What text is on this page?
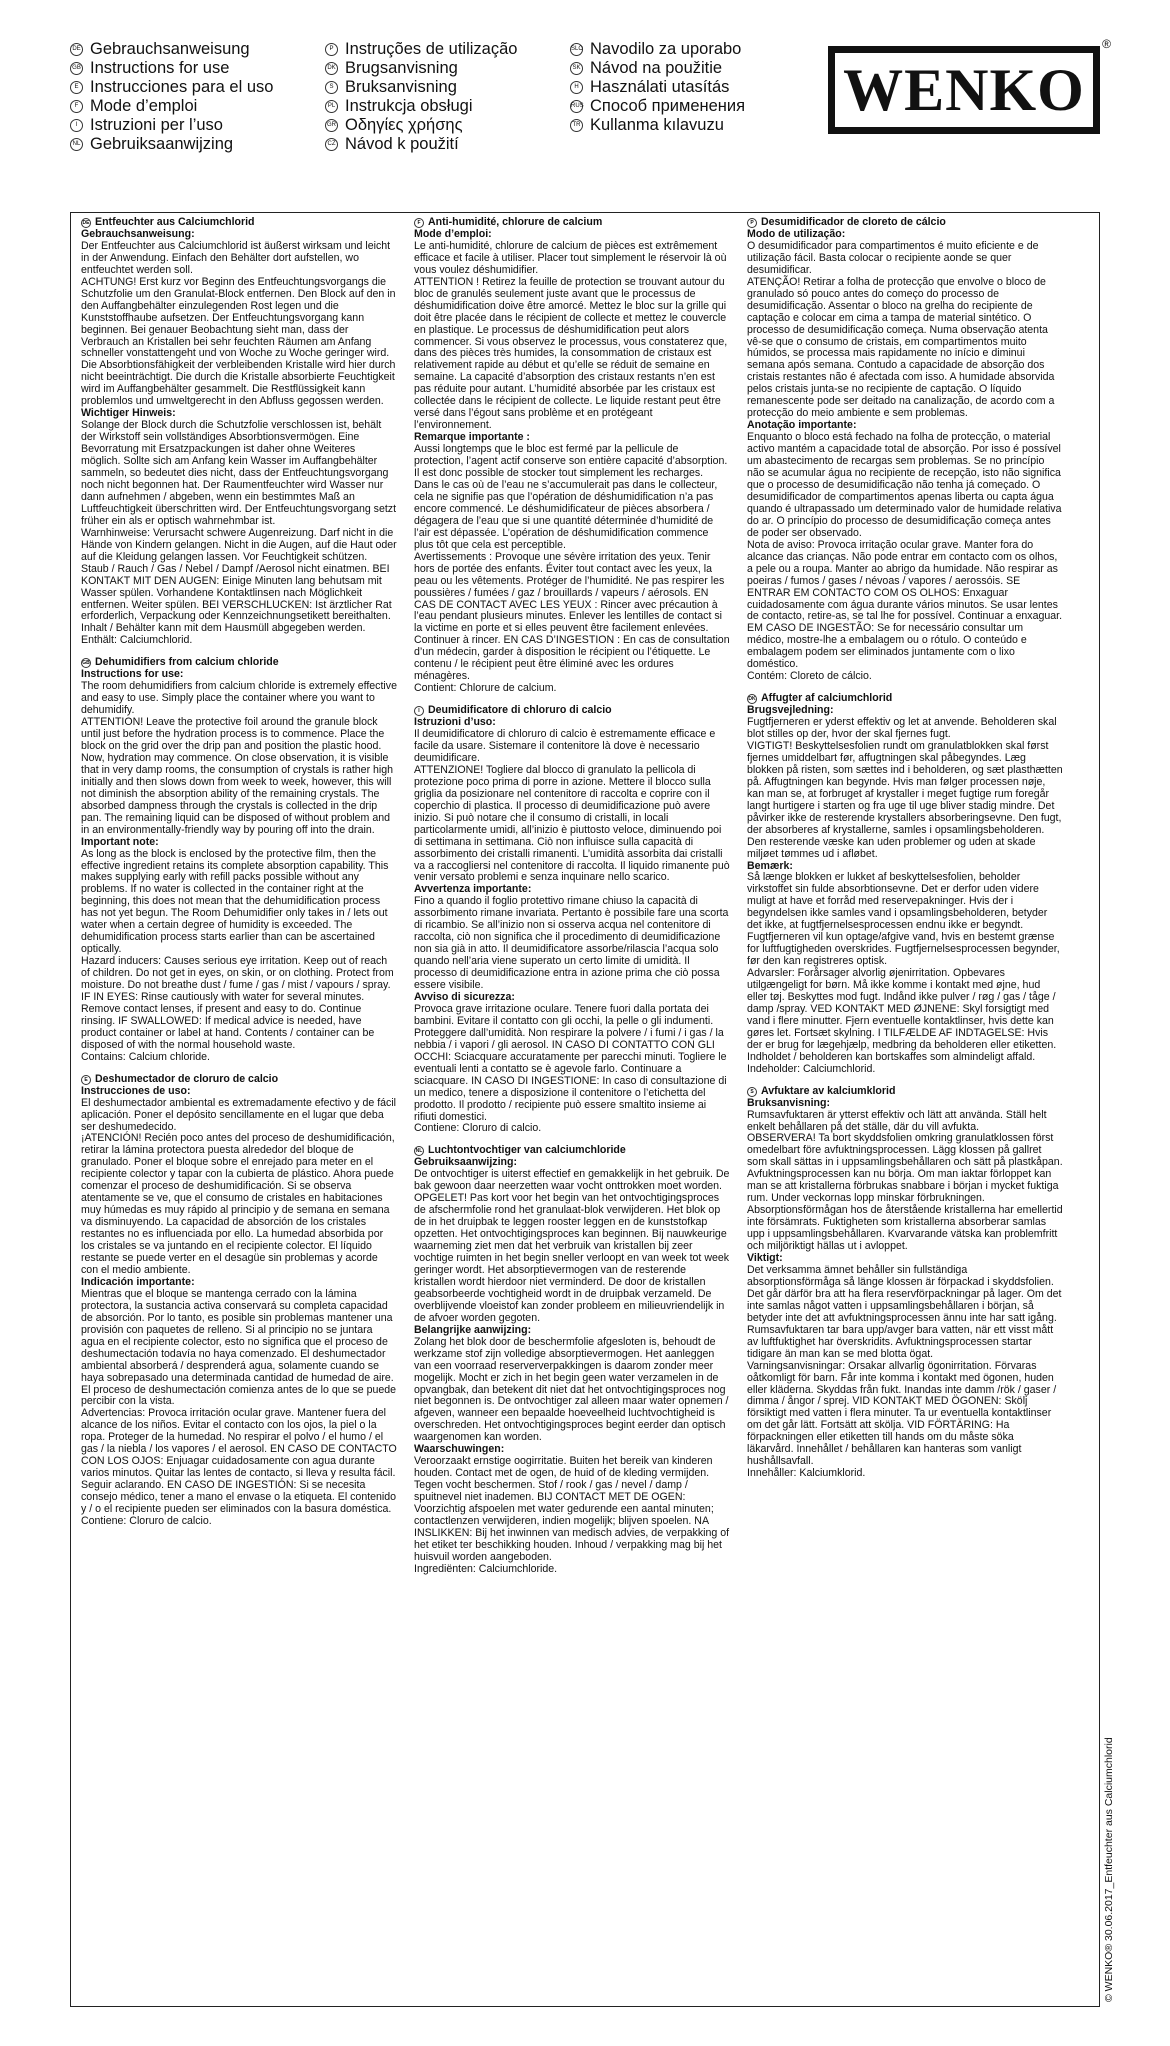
DE Gebrauchsanweisung
GB Instructions for use
E Instrucciones para el uso
F Mode d’emploi
I Istruzioni per l’uso
NL Gebruiksaanwijzing
P Instruções de utilização
DK Brugsanvisning
S Bruksanvisning
PL Instrukcja obsługi
GR Οδηγίες χρήσης
CZ Návod k použití
SLO Navodilo za uporabo
SK Návod na použitie
H Használati utasítás
RUS Способ применения
TR Kullanma kılavuzu
WENKO
®
DE Entfeuchter aus Calciumchlorid

Gebrauchsanweisung:

Der Entfeuchter aus Calciumchlorid ist äußerst wirksam und leicht in der Anwendung. Einfach den Behälter dort aufstellen, wo entfeuchtet werden soll.

ACHTUNG! Erst kurz vor Beginn des Entfeuchtungsvorgangs die Schutzfolie um den Granulat-Block entfernen. Den Block auf den in den Auffangbehälter einzulegenden Rost legen und die Kunststoffhaube aufsetzen. Der Entfeuchtungsvorgang kann beginnen. Bei genauer Beobachtung sieht man, dass der Verbrauch an Kristallen bei sehr feuchten Räumen am Anfang schneller vonstattengeht und von Woche zu Woche geringer wird. Die Absorbtionsfähigkeit der verbleibenden Kristalle wird hier durch nicht beeinträchtigt. Die durch die Kristalle absorbierte Feuchtigkeit wird im Auffangbehälter gesammelt. Die Restflüssigkeit kann problemlos und umweltgerecht in den Abfluss gegossen werden.

Wichtiger Hinweis:

Solange der Block durch die Schutzfolie verschlossen ist, behält der Wirkstoff sein vollständiges Absorbtionsvermögen. Eine Bevorratung mit Ersatzpackungen ist daher ohne Weiteres möglich. Sollte sich am Anfang kein Wasser im Auffangbehälter sammeln, so bedeutet dies nicht, dass der Entfeuchtungsvorgang noch nicht begonnen hat. Der Raumentfeuchter wird Wasser nur dann aufnehmen / abgeben, wenn ein bestimmtes Maß an Luftfeuchtigkeit überschritten wird. Der Entfeuchtungsvorgang setzt früher ein als er optisch wahrnehmbar ist.

Warnhinweise: Verursacht schwere Augenreizung. Darf nicht in die Hände von Kindern gelangen. Nicht in die Augen, auf die Haut oder auf die Kleidung gelangen lassen. Vor Feuchtigkeit schützen. Staub / Rauch / Gas / Nebel / Dampf /Aerosol nicht einatmen. BEI KONTAKT MIT DEN AUGEN: Einige Minuten lang behutsam mit Wasser spülen. Vorhandene Kontaktlinsen nach Möglichkeit entfernen. Weiter spülen. BEI VERSCHLUCKEN: Ist ärztlicher Rat erforderlich, Verpackung oder Kennzeichnungsetikett bereithalten. Inhalt / Behälter kann mit dem Hausmüll abgegeben werden.

Enthält: Calciumchlorid.

GB Dehumidifiers from calcium chloride

Instructions for use:

The room dehumidifiers from calcium chloride is extremely effective and easy to use. Simply place the container where you want to dehumidify.

ATTENTION! Leave the protective foil around the granule block until just before the hydration process is to commence. Place the block on the grid over the drip pan and position the plastic hood. Now, hydration may commence. On close observation, it is visible that in very damp rooms, the consumption of crystals is rather high initially and then slows down from week to week, however, this will not diminish the absorption ability of the remaining crystals. The absorbed dampness through the crystals is collected in the drip pan. The remaining liquid can be disposed of without problem and in an environmentally-friendly way by pouring off into the drain.

Important note:

As long as the block is enclosed by the protective film, then the effective ingredient retains its complete absorption capability. This makes supplying early with refill packs possible without any problems. If no water is collected in the container right at the beginning, this does not mean that the dehumidification process has not yet begun. The Room Dehumidifier only takes in / lets out water when a certain degree of humidity is exceeded. The dehumidification process starts earlier than can be ascertained optically.

Hazard inducers: Causes serious eye irritation. Keep out of reach of children. Do not get in eyes, on skin, or on clothing. Protect from moisture. Do not breathe dust / fume / gas / mist / vapours / spray. IF IN EYES: Rinse cautiously with water for several minutes. Remove contact lenses, if present and easy to do. Continue rinsing. IF SWALLOWED: If medical advice is needed, have product container or label at hand. Contents / container can be disposed of with the normal household waste.

Contains: Calcium chloride.

E Deshumectador de cloruro de calcio

Instrucciones de uso:

El deshumectador ambiental es extremadamente efectivo y de fácil aplicación. Poner el depósito sencillamente en el lugar que deba ser deshumedecido.

¡ATENCIÓN! Recién poco antes del proceso de deshumidificación, retirar la lámina protectora puesta alrededor del bloque de granulado. Poner el bloque sobre el enrejado para meter en el recipiente colector y tapar con la cubierta de plástico. Ahora puede comenzar el proceso de deshumidificación. Si se observa atentamente se ve, que el consumo de cristales en habitaciones muy húmedas es muy rápido al principio y de semana en semana va disminuyendo. La capacidad de absorción de los cristales restantes no es influenciada por ello. La humedad absorbida por los cristales se va juntando en el recipiente colector. El líquido restante se puede verter en el desagüe sin problemas y acorde con el medio ambiente.

Indicación importante:

Mientras que el bloque se mantenga cerrado con la lámina protectora, la sustancia activa conservará su completa capacidad de absorción. Por lo tanto, es posible sin problemas mantener una provisión con paquetes de relleno. Si al principio no se juntara agua en el recipiente colector, esto no significa que el proceso de deshumectación todavía no haya comenzado. El deshumectador ambiental absorberá / desprenderá agua, solamente cuando se haya sobrepasado una determinada cantidad de humedad de aire. El proceso de deshumectación comienza antes de lo que se puede percibir con la vista.

Advertencias: Provoca irritación ocular grave. Mantener fuera del alcance de los niños. Evitar el contacto con los ojos, la piel o la ropa. Proteger de la humedad. No respirar el polvo / el humo / el gas / la niebla / los vapores / el aerosol. EN CASO DE CONTACTO CON LOS OJOS: Enjuagar cuidadosamente con agua durante varios minutos. Quitar las lentes de contacto, si lleva y resulta fácil. Seguir aclarando. EN CASO DE INGESTIÓN: Si se necesita consejo médico, tener a mano el envase o la etiqueta. El contenido y / o el recipiente pueden ser eliminados con la basura doméstica.

Contiene: Cloruro de calcio.

F Anti-humidité, chlorure de calcium

Mode d’emploi:

Le anti-humidité, chlorure de calcium de pièces est extrêmement efficace et facile à utiliser. Placer tout simplement le réservoir là où vous voulez déshumidifier.

ATTENTION ! Retirez la feuille de protection se trouvant autour du bloc de granulés seulement juste avant que le processus de déshumidification doive être amorcé. Mettez le bloc sur la grille qui doit être placée dans le récipient de collecte et mettez le couvercle en plastique. Le processus de déshumidification peut alors commencer. Si vous observez le processus, vous constaterez que, dans des pièces très humides, la consommation de cristaux est relativement rapide au début et qu’elle se réduit de semaine en semaine. La capacité d’absorption des cristaux restants n’en est pas réduite pour autant. L’humidité absorbée par les cristaux est collectée dans le récipient de collecte. Le liquide restant peut être versé dans l’égout sans problème et en protégeant l’environnement.

Remarque importante :

Aussi longtemps que le bloc est fermé par la pellicule de protection, l’agent actif conserve son entière capacité d’absorption. Il est donc possible de stocker tout simplement les recharges. Dans le cas où de l’eau ne s’accumulerait pas dans le collecteur, cela ne signifie pas que l’opération de déshumidification n’a pas encore commencé. Le déshumidificateur de pièces absorbera / dégagera de l’eau que si une quantité déterminée d’humidité de l’air est dépassée. L’opération de déshumidification commence plus tôt que cela est perceptible.

Avertissements : Provoque une sévère irritation des yeux. Tenir hors de portée des enfants. Éviter tout contact avec les yeux, la peau ou les vêtements. Protéger de l’humidité. Ne pas respirer les poussières / fumées / gaz / brouillards / vapeurs / aérosols. EN CAS DE CONTACT AVEC LES YEUX : Rincer avec précaution à l’eau pendant plusieurs minutes. Enlever les lentilles de contact si la victime en porte et si elles peuvent être facilement enlevées. Continuer à rincer. EN CAS D’INGESTION : En cas de consultation d’un médecin, garder à disposition le récipient ou l’étiquette. Le contenu / le récipient peut être éliminé avec les ordures ménagères.

Contient: Chlorure de calcium.

I Deumidificatore di chloruro di calcio

Istruzioni d’uso:

Il deumidificatore di chloruro di calcio è estremamente efficace e facile da usare. Sistemare il contenitore là dove è necessario deumidificare.

ATTENZIONE! Togliere dal blocco di granulato la pellicola di protezione poco prima di porre in azione. Mettere il blocco sulla griglia da posizionare nel contenitore di raccolta e coprire con il coperchio di plastica. Il processo di deumidificazione può avere inizio. Si può notare che il consumo di cristalli, in locali particolarmente umidi, all’inizio è piuttosto veloce, diminuendo poi di settimana in settimana. Ciò non influisce sulla capacità di assorbimento dei cristalli rimanenti. L’umidità assorbita dai cristalli va a raccogliersi nel contenitore di raccolta. Il liquido rimanente può venir versato problemi e senza inquinare nello scarico.

Avvertenza importante:

Fino a quando il foglio protettivo rimane chiuso la capacità di assorbimento rimane invariata. Pertanto è possibile fare una scorta di ricambio. Se all’inizio non si osserva acqua nel contenitore di raccolta, ciò non significa che il procedimento di deumidificazione non sia già in atto. Il deumidificatore assorbe/rilascia l’acqua solo quando nell’aria viene superato un certo limite di umidità. Il processo di deumidificazione entra in azione prima che ciò possa essere visibile.

Avviso di sicurezza:

Provoca grave irritazione oculare. Tenere fuori dalla portata dei bambini. Evitare il contatto con gli occhi, la pelle o gli indumenti. Proteggere dall’umidità. Non respirare la polvere / i fumi / i gas / la nebbia / i vapori / gli aerosol. IN CASO DI CONTATTO CON GLI OCCHI: Sciacquare accuratamente per parecchi minuti. Togliere le eventuali lenti a contatto se è agevole farlo. Continuare a sciacquare. IN CASO DI INGESTIONE: In caso di consultazione di un medico, tenere a disposizione il contenitore o l’etichetta del prodotto. Il prodotto / recipiente può essere smaltito insieme ai rifiuti domestici.

Contiene: Cloruro di calcio.

NL Luchtontvochtiger van calciumchloride

Gebruiksaanwijzing:

De ontvochtiger is uiterst effectief en gemakkelijk in het gebruik. De bak gewoon daar neerzetten waar vocht onttrokken moet worden.

OPGELET! Pas kort voor het begin van het ontvochtigingsproces de afschermfolie rond het granulaat-blok verwijderen. Het blok op de in het druipbak te leggen rooster leggen en de kunststofkap opzetten. Het ontvochtigingsproces kan beginnen. Bij nauwkeurige waarneming ziet men dat het verbruik van kristallen bij zeer vochtige ruimten in het begin sneller verloopt en van week tot week geringer wordt. Het absorptievermogen van de resterende kristallen wordt hierdoor niet verminderd. De door de kristallen geabsorbeerde vochtigheid wordt in de druipbak verzameld. De overblijvende vloeistof kan zonder probleem en milieuvriendelijk in de afvoer worden gegoten.

Belangrijke aanwijzing:

Zolang het blok door de beschermfolie afgesloten is, behoudt de werkzame stof zijn volledige absorptievermogen. Het aanleggen van een voorraad reserververpakkingen is daarom zonder meer mogelijk. Mocht er zich in het begin geen water verzamelen in de opvangbak, dan betekent dit niet dat het ontvochtigingsproces nog niet begonnen is. De ontvochtiger zal alleen maar water opnemen / afgeven, wanneer een bepaalde hoeveelheid luchtvochtigheid is overschreden. Het ontvochtigingsproces begint eerder dan optisch waargenomen kan worden.

Waarschuwingen:

Veroorzaakt ernstige oogirritatie. Buiten het bereik van kinderen houden. Contact met de ogen, de huid of de kleding vermijden. Tegen vocht beschermen. Stof / rook / gas / nevel / damp / spuitnevel niet inademen. BIJ CONTACT MET DE OGEN: Voorzichtig afspoelen met water gedurende een aantal minuten; contactlenzen verwijderen, indien mogelijk; blijven spoelen. NA INSLIKKEN: Bij het inwinnen van medisch advies, de verpakking of het etiket ter beschikking houden. Inhoud / verpakking mag bij het huisvuil worden aangeboden.

Ingrediënten: Calciumchloride.

P Desumidificador de cloreto de cálcio

Modo de utilização:

O desumidificador para compartimentos é muito eficiente e de utilização fácil. Basta colocar o recipiente aonde se quer desumidificar.

ATENÇÃO! Retirar a folha de protecção que envolve o bloco de granulado só pouco antes do começo do processo de desumidificação. Assentar o bloco na grelha do recipiente de captação e colocar em cima a tampa de material sintético. O processo de desumidificação começa. Numa observação atenta vê-se que o consumo de cristais, em compartimentos muito húmidos, se processa mais rapidamente no início e diminui semana após semana. Contudo a capacidade de absorção dos cristais restantes não é afectada com isso. A humidade absorvida pelos cristais junta-se no recipiente de captação. O líquido remanescente pode ser deitado na canalização, de acordo com a protecção do meio ambiente e sem problemas.

Anotação importante:

Enquanto o bloco está fechado na folha de protecção, o material activo mantém a capacidade total de absorção. Por isso é possível um abastecimento de recargas sem problemas. Se no princípio não se acumular água no recipiente de recepção, isto não significa que o processo de desumidificação não tenha já começado. O desumidificador de compartimentos apenas liberta ou capta água quando é ultrapassado um determinado valor de humidade relativa do ar. O princípio do processo de desumidificação começa antes de poder ser observado.

Nota de aviso: Provoca irritação ocular grave. Manter fora do alcance das crianças. Não pode entrar em contacto com os olhos, a pele ou a roupa. Manter ao abrigo da humidade. Não respirar as poeiras / fumos / gases / névoas / vapores / aerossóis. SE ENTRAR EM CONTACTO COM OS OLHOS: Enxaguar cuidadosamente com água durante vários minutos. Se usar lentes de contacto, retire-as, se tal lhe for possível. Continuar a enxaguar. EM CASO DE INGESTÃO: Se for necessário consultar um médico, mostre-lhe a embalagem ou o rótulo. O conteúdo e embalagem podem ser eliminados juntamente com o lixo doméstico.

Contém: Cloreto de cálcio.

DK Affugter af calciumchlorid

Brugsvejledning:

Fugtfjerneren er yderst effektiv og let at anvende. Beholderen skal blot stilles op der, hvor der skal fjernes fugt.

VIGTIGT! Beskyttelsesfolien rundt om granulatblokken skal først fjernes umiddelbart før, affugtningen skal påbegyndes. Læg blokken på risten, som sættes ind i beholderen, og sæt plasthætten på. Affugtningen kan begynde. Hvis man følger processen nøje, kan man se, at forbruget af krystaller i meget fugtige rum foregår langt hurtigere i starten og fra uge til uge bliver stadig mindre. Det påvirker ikke de resterende krystallers absorberingsevne. Den fugt, der absorberes af krystallerne, samles i opsamlingsbeholderen. Den resterende væske kan uden problemer og uden at skade miljøet tømmes ud i afløbet.

Bemærk:

Så længe blokken er lukket af beskyttelsesfolien, beholder virkstoffet sin fulde absorbtionsevne. Det er derfor uden videre muligt at have et forråd med reservepakninger. Hvis der i begyndelsen ikke samles vand i opsamlingsbeholderen, betyder det ikke, at fugtfjernelsesprocessen endnu ikke er begyndt. Fugtfjerneren vil kun optage/afgive vand, hvis en bestemt grænse for luftfugtigheden overskrides. Fugtfjernelsesprocessen begynder, før den kan registreres optisk.

Advarsler: Forårsager alvorlig øjenirritation. Opbevares utilgængeligt for børn. Må ikke komme i kontakt med øjne, hud eller tøj. Beskyttes mod fugt. Indånd ikke pulver / røg / gas / tåge / damp /spray. VED KONTAKT MED ØJNENE: Skyl forsigtigt med vand i flere minutter. Fjern eventuelle kontaktlinser, hvis dette kan gøres let. Fortsæt skylning. I TILFÆLDE AF INDTAGELSE: Hvis der er brug for lægehjælp, medbring da beholderen eller etiketten. Indholdet / beholderen kan bortskaffes som almindeligt affald.

Indeholder: Calciumchlorid.

S Avfuktare av kalciumklorid

Bruksanvisning:

Rumsavfuktaren är ytterst effektiv och lätt att använda. Ställ helt enkelt behållaren på det ställe, där du vill avfukta.

OBSERVERA! Ta bort skyddsfolien omkring granulatklossen först omedelbart före avfuktningsprocessen. Lägg klossen på gallret som skall sättas in i uppsamlingsbehållaren och sätt på plastkåpan. Avfuktningsprocessen kan nu börja. Om man iaktar förloppet kan man se att kristallerna förbrukas snabbare i början i mycket fuktiga rum. Under veckornas lopp minskar förbrukningen. Absorptionsförmågan hos de återstående kristallerna har emellertid inte försämrats. Fuktigheten som kristallerna absorberar samlas upp i uppsamlingsbehållaren. Kvarvarande vätska kan problemfritt och miljöriktigt hällas ut i avloppet.

Viktigt:

Det verksamma ämnet behåller sin fullständiga absorptionsförmåga så länge klossen är förpackad i skyddsfolien. Det går därför bra att ha flera reservförpackningar på lager. Om det inte samlas något vatten i uppsamlingsbehållaren i början, så betyder inte det att avfuktningsprocessen ännu inte har satt igång. Rumsavfuktaren tar bara upp/avger bara vatten, när ett visst mått av luftfuktighet har överskridits. Avfuktningsprocessen startar tidigare än man kan se med blotta ögat.

Varningsanvisningar: Orsakar allvarlig ögonirritation. Förvaras oåtkomligt för barn. Får inte komma i kontakt med ögonen, huden eller kläderna. Skyddas från fukt. Inandas inte damm /rök / gaser / dimma / ångor / sprej. VID KONTAKT MED ÖGONEN: Skölj försiktigt med vatten i flera minuter. Ta ur eventuella kontaktlinser om det går lätt. Fortsätt att skölja. VID FÖRTÄRING: Ha förpackningen eller etiketten till hands om du måste söka läkarvård. Innehållet / behållaren kan hanteras som vanligt hushållsavfall.

Innehåller: Kalciumklorid.

© WENKO® 30.06.2017_Entfeuchter aus Calciumchlorid
